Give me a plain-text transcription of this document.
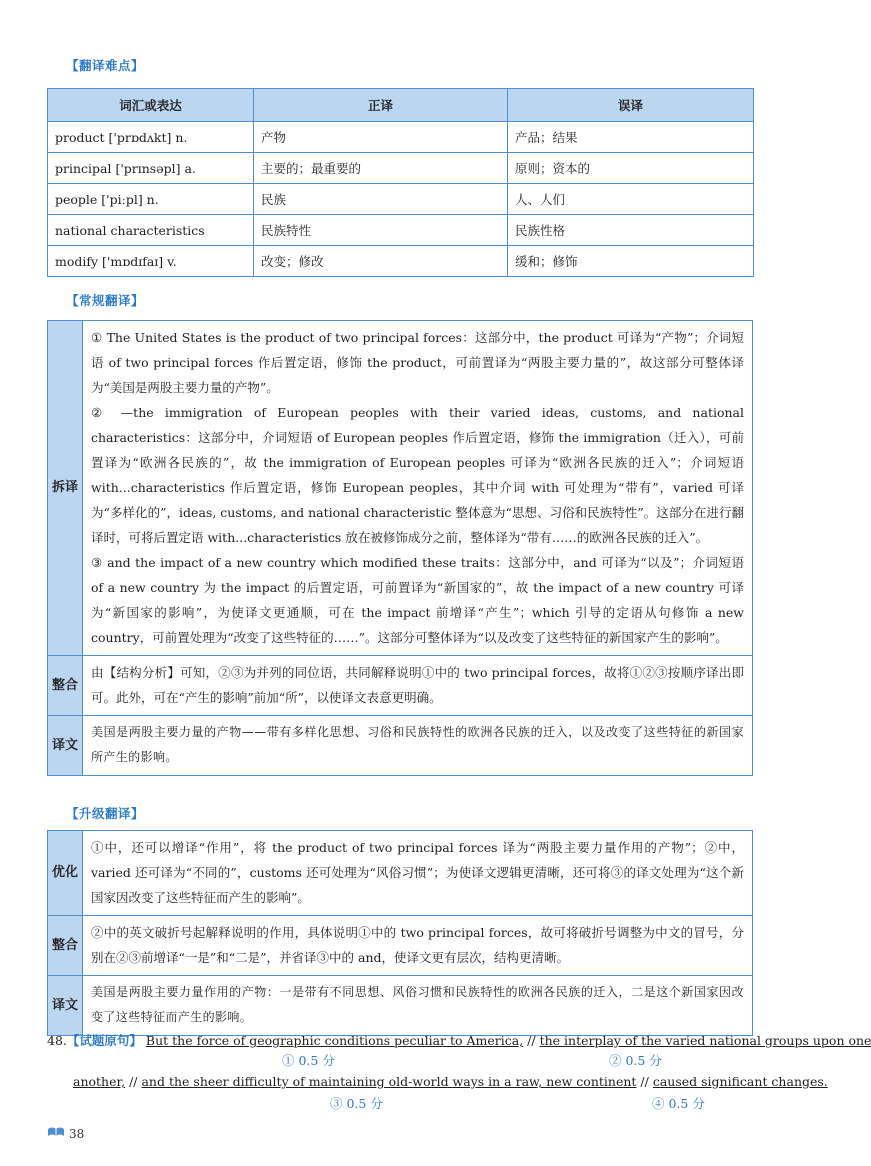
【翻译难点】
词汇或表达	正译	误译
product ['prɒdʌkt] n.	产物	产品；结果
principal ['prɪnsəpl] a.	主要的；最重要的	原则；资本的
people ['piːpl] n.	民族	人、人们
national characteristics	民族特性	民族性格
modify ['mɒdɪfaɪ] v.	改变；修改	缓和；修饰
【常规翻译】
拆译

① The United States is the product of two principal forces：这部分中，the product 可译为“产物”；介词短语 of two principal forces 作后置定语，修饰 the product，可前置译为“两股主要力量的”，故这部分可整体译为“美国是两股主要力量的产物”。

② —the immigration of European peoples with their varied ideas, customs, and national characteristics：这部分中，介词短语 of European peoples 作后置定语，修饰 the immigration（迁入），可前置译为“欧洲各民族的”，故 the immigration of European peoples 可译为“欧洲各民族的迁入”；介词短语 with...characteristics 作后置定语，修饰 European peoples，其中介词 with 可处理为“带有”，varied 可译为“多样化的”，ideas, customs, and national characteristic 整体意为“思想、习俗和民族特性”。这部分在进行翻译时，可将后置定语 with...characteristics 放在被修饰成分之前，整体译为“带有……的欧洲各民族的迁入”。

③ and the impact of a new country which modified these traits：这部分中，and 可译为“以及”；介词短语 of a new country 为 the impact 的后置定语，可前置译为“新国家的”，故 the impact of a new country 可译为“新国家的影响”，为使译文更通顺，可在 the impact 前增译“产生”；which 引导的定语从句修饰 a new country，可前置处理为“改变了这些特征的……”。这部分可整体译为“以及改变了这些特征的新国家产生的影响”。

整合
由【结构分析】可知，②③为并列的同位语，共同解释说明①中的 two principal forces，故将①②③按顺序译出即可。此外，可在“产生的影响”前加“所”，以使译文表意更明确。
译文
美国是两股主要力量的产物——带有多样化思想、习俗和民族特性的欧洲各民族的迁入，以及改变了这些特征的新国家所产生的影响。
【升级翻译】
优化
①中，还可以增译“作用”，将 the product of two principal forces 译为“两股主要力量作用的产物”；②中，varied 还可译为“不同的”，customs 还可处理为“风俗习惯”；为使译文逻辑更清晰，还可将③的译文处理为“这个新国家因改变了这些特征而产生的影响”。
整合
②中的英文破折号起解释说明的作用，具体说明①中的 two principal forces，故可将破折号调整为中文的冒号，分别在②③前增译“一是”和“二是”，并省译③中的 and，使译文更有层次，结构更清晰。
译文
美国是两股主要力量作用的产物：一是带有不同思想、风俗习惯和民族特性的欧洲各民族的迁入，二是这个新国家因改变了这些特征而产生的影响。
48.【试题原句】 But the force of geographic conditions peculiar to America, // the interplay of the varied national groups upon one
① 0.5 分	② 0.5 分
another, // and the sheer difficulty of maintaining old-world ways in a raw, new continent // caused significant changes.
③ 0.5 分	④ 0.5 分
38
